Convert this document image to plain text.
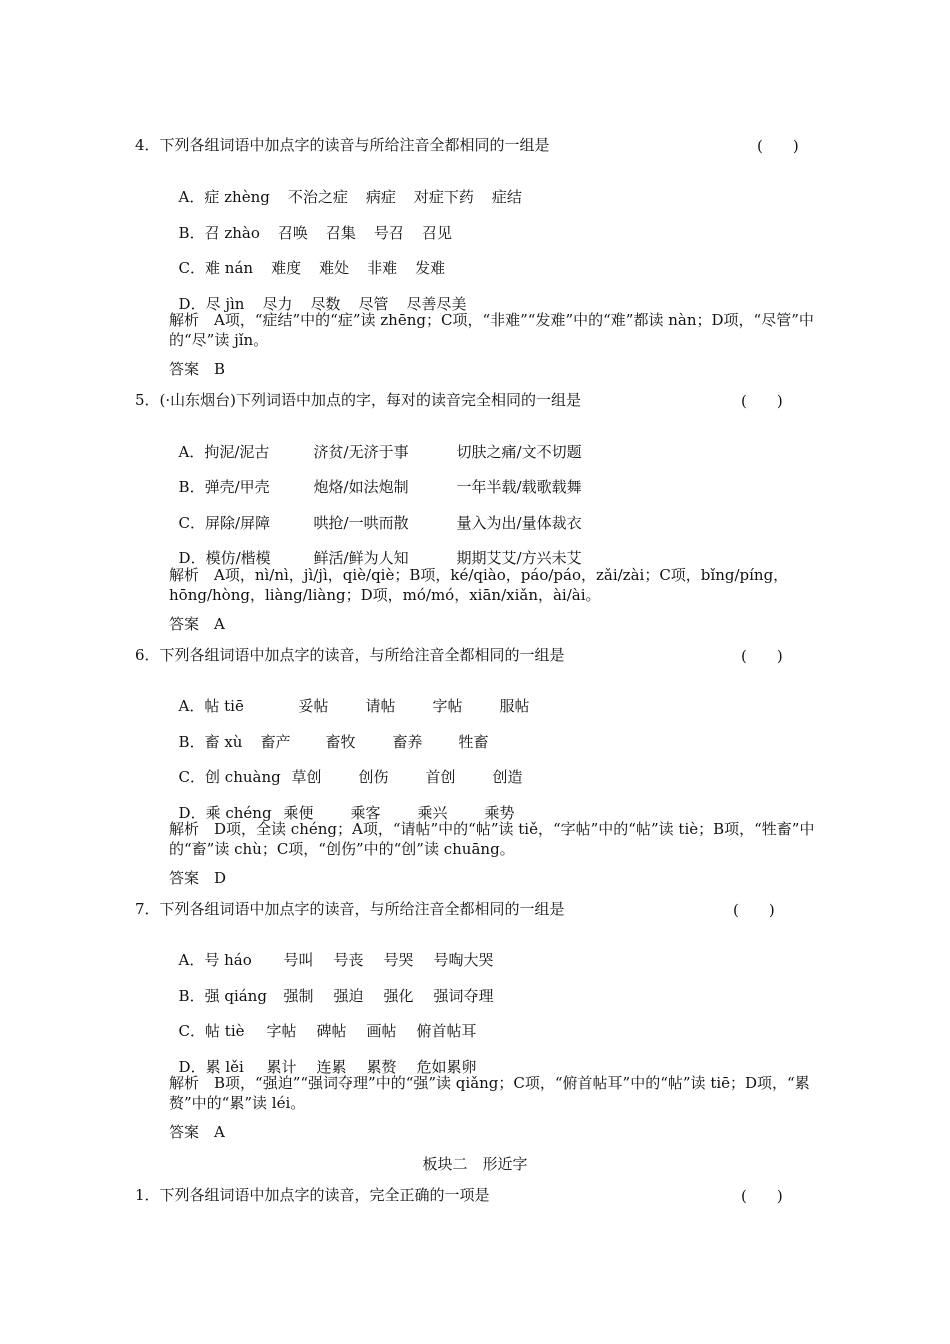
4．下列各组词语中加点字的读音与所给注音全都相同的一组是	(　　)

A．症 zhèng 不治之症 病症 对症下药 症结

B．召 zhào 召唤 召集 号召 召见

C．难 nán 难度 难处 非难 发难

D．尽 jìn 尽力 尽数 尽管 尽善尽美

解析　A项，“症结”中的“症”读 zhēng；C项，“非难”“发难”中的“难”都读 nàn；D项，“尽管”中的“尽”读 jǐn。
答案　B
5．(·山东烟台)下列词语中加点的字，每对的读音完全相同的一组是	(　　)

A．拘泥/泥古	济贫/无济于事	切肤之痛/文不切题

B．弹壳/甲壳	炮烙/如法炮制	一年半载/载歌载舞

C．屏除/屏障	哄抢/一哄而散	量入为出/量体裁衣

D．模仿/楷模	鲜活/鲜为人知	期期艾艾/方兴未艾

解析　A项，nì/nì，jì/jì，qiè/qiè；B项，ké/qiào，páo/páo，zǎi/zài；C项，bǐng/píng，hōng/hòng，liàng/liàng；D项，mó/mó，xiān/xiǎn，ài/ài。
答案　A
6．下列各组词语中加点字的读音，与所给注音全都相同的一组是	(　　)

A．帖 tiē	妥帖 请帖 字帖 服帖

B．畜 xù 畜产 畜牧 畜养 牲畜

C．创 chuàng 草创 创伤 首创 创造

D．乘 chéng 乘便 乘客 乘兴 乘势

解析　D项，全读 chéng；A项，“请帖”中的“帖”读 tiě，“字帖”中的“帖”读 tiè；B项，“牲畜”中的“畜”读 chù；C项，“创伤”中的“创”读 chuāng。
答案　D
7．下列各组词语中加点字的读音，与所给注音全都相同的一组是	(　　)

A．号 háo 号叫 号丧 号哭 号啕大哭

B．强 qiáng 强制 强迫 强化 强词夺理

C．帖 tiè 字帖 碑帖 画帖 俯首帖耳

D．累 lěi 累计 连累 累赘 危如累卵

解析　B项，“强迫”“强词夺理”中的“强”读 qiǎng；C项，“俯首帖耳”中的“帖”读 tiē；D项，“累赘”中的“累”读 léi。
答案　A
板块二　形近字
1．下列各组词语中加点字的读音，完全正确的一项是	(　　)
